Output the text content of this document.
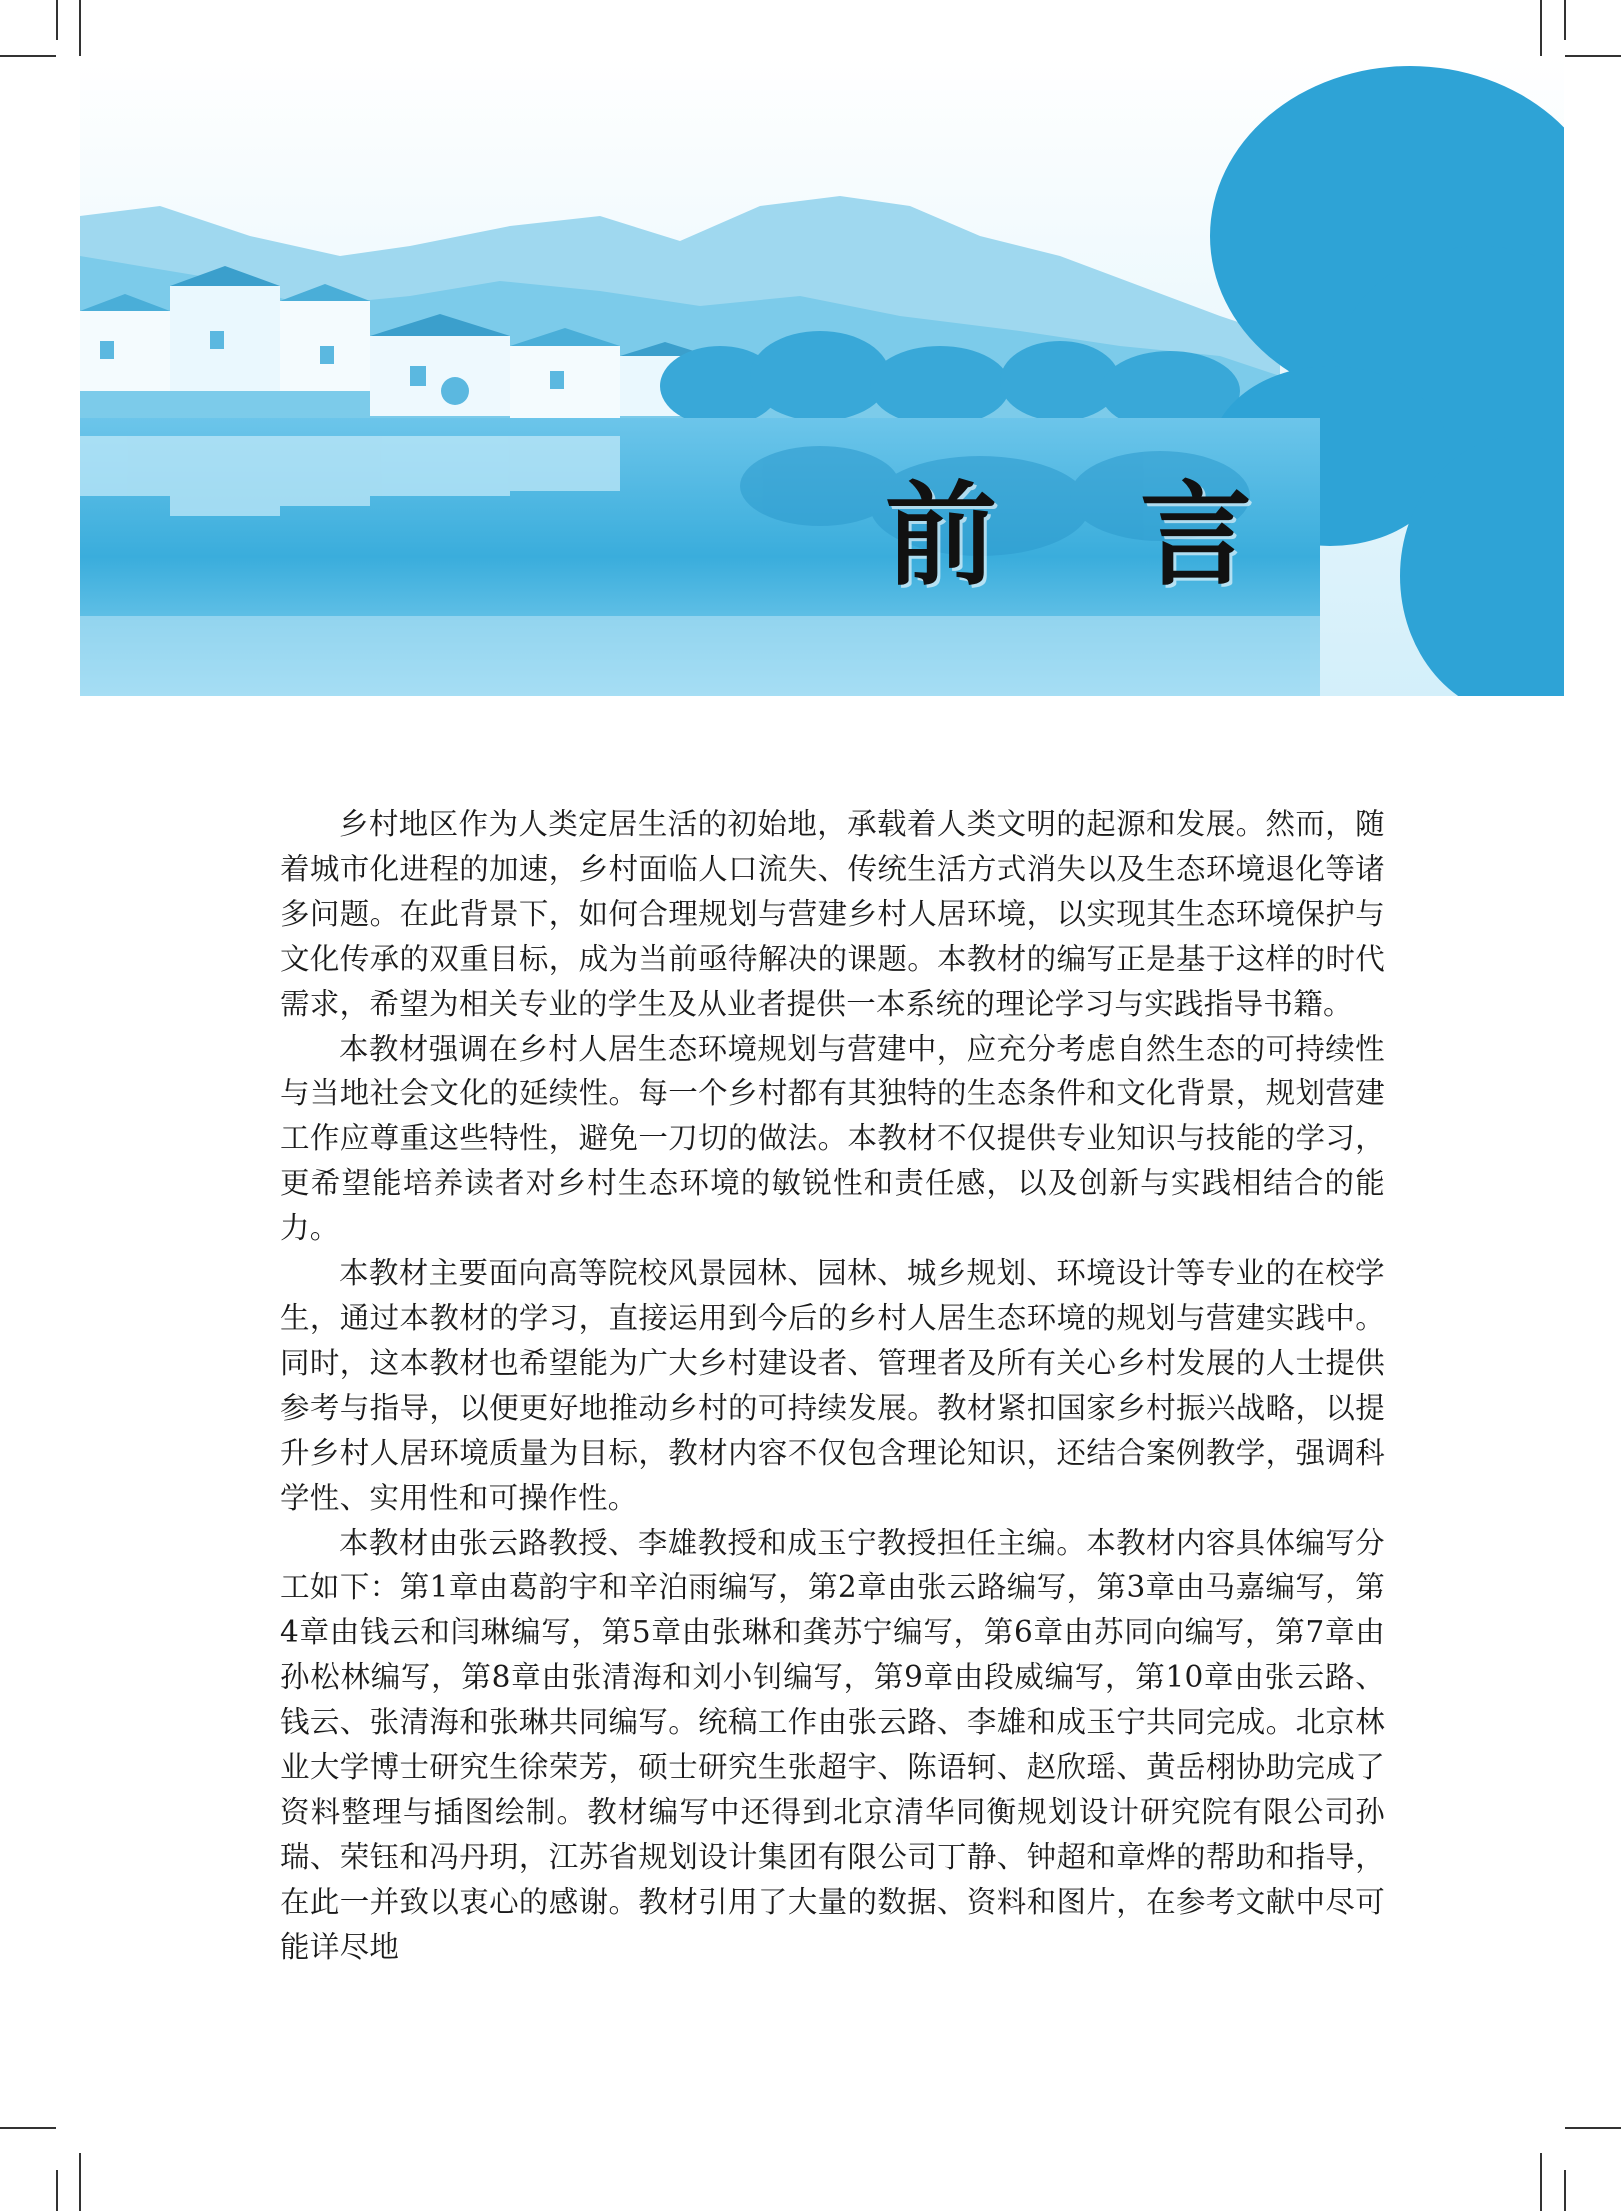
前 言

乡村地区作为人类定居生活的初始地，承载着人类文明的起源和发展。然而，随着城市化进程的加速，乡村面临人口流失、传统生活方式消失以及生态环境退化等诸多问题。在此背景下，如何合理规划与营建乡村人居环境，以实现其生态环境保护与文化传承的双重目标，成为当前亟待解决的课题。本教材的编写正是基于这样的时代需求，希望为相关专业的学生及从业者提供一本系统的理论学习与实践指导书籍。

本教材强调在乡村人居生态环境规划与营建中，应充分考虑自然生态的可持续性与当地社会文化的延续性。每一个乡村都有其独特的生态条件和文化背景，规划营建工作应尊重这些特性，避免一刀切的做法。本教材不仅提供专业知识与技能的学习，更希望能培养读者对乡村生态环境的敏锐性和责任感，以及创新与实践相结合的能力。

本教材主要面向高等院校风景园林、园林、城乡规划、环境设计等专业的在校学生，通过本教材的学习，直接运用到今后的乡村人居生态环境的规划与营建实践中。同时，这本教材也希望能为广大乡村建设者、管理者及所有关心乡村发展的人士提供参考与指导，以便更好地推动乡村的可持续发展。教材紧扣国家乡村振兴战略，以提升乡村人居环境质量为目标，教材内容不仅包含理论知识，还结合案例教学，强调科学性、实用性和可操作性。

本教材由张云路教授、李雄教授和成玉宁教授担任主编。本教材内容具体编写分工如下：第1章由葛韵宇和辛泊雨编写，第2章由张云路编写，第3章由马嘉编写，第4章由钱云和闫琳编写，第5章由张琳和龚苏宁编写，第6章由苏同向编写，第7章由孙松林编写，第8章由张清海和刘小钊编写，第9章由段威编写，第10章由张云路、钱云、张清海和张琳共同编写。统稿工作由张云路、李雄和成玉宁共同完成。北京林业大学博士研究生徐荣芳，硕士研究生张超宇、陈语轲、赵欣瑶、黄岳栩协助完成了资料整理与插图绘制。教材编写中还得到北京清华同衡规划设计研究院有限公司孙瑞、荣钰和冯丹玥，江苏省规划设计集团有限公司丁静、钟超和章烨的帮助和指导，在此一并致以衷心的感谢。教材引用了大量的数据、资料和图片，在参考文献中尽可能详尽地
